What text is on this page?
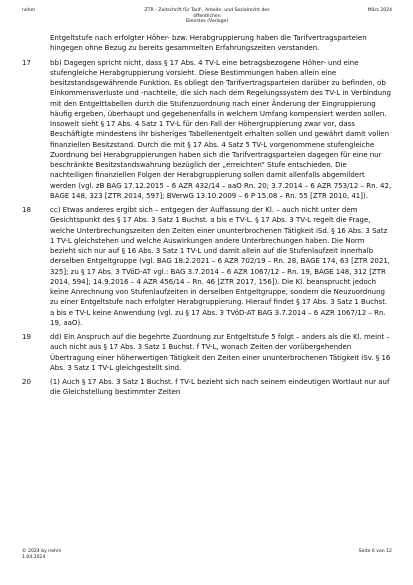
nohm	ZTR - Zeitschrift für Tarif-, Arbeits- und Sozialrecht des öffentlichen
Dienstes (Vorlage)
März 2024
Entgeltstufe nach erfolgter Höher- bzw. Herabgruppierung haben die Tarifvertragsparteien hingegen ohne Bezug zu bereits gesammelten Erfahrungszeiten verstanden.
17	bb) Dagegen spricht nicht, dass § 17 Abs. 4 TV-L eine betragsbezogene Höher- und eine stufengleiche Herabgruppierung vorsieht. Diese Bestimmungen haben allein eine besitzstandsgewährende Funktion. Es obliegt den Tarifvertragsparteien darüber zu befinden, ob Einkommensverluste und -nachteile, die sich nach dem Regelungssystem des TV-L in Verbindung mit den Entgelttabellen durch die Stufenzuordnung nach einer Änderung der Eingruppierung häufig ergeben, überhaupt und gegebenenfalls in welchem Umfang kompensiert werden sollen. Insoweit sieht § 17 Abs. 4 Satz 1 TV-L für den Fall der Höhergruppierung zwar vor, dass Beschäftigte mindestens ihr bisheriges Tabellenentgelt erhalten sollen und gewährt damit vollen finanziellen Besitzstand. Durch die mit § 17 Abs. 4 Satz 5 TV-L vorgenommene stufengleiche Zuordnung bei Herabgruppierungen haben sich die Tarifvertragsparteien dagegen für eine nur beschränkte Besitzstandswahrung bezüglich der „erreichten“ Stufe entschieden. Die nachteiligen finanziellen Folgen der Herabgruppierung sollen damit allenfalls abgemildert werden (vgl. zB BAG 17.12.2015 – 6 AZR 432/14 – aaO Rn. 20; 3.7.2014 – 6 AZR 753/12 – Rn. 42, BAGE 148, 323 [ZTR 2014, 597]; BVerwG 13.10.2009 – 6 P 15.08 – Rn. 55 [ZTR 2010, 41]).
18	cc) Etwas anderes ergibt sich – entgegen der Auffassung der Kl. – auch nicht unter dem Gesichtspunkt des § 17 Abs. 3 Satz 1 Buchst. a bis e TV-L. § 17 Abs. 3 TV-L regelt die Frage, welche Unterbrechungszeiten den Zeiten einer ununterbrochenen Tätigkeit iSd. § 16 Abs. 3 Satz 1 TV-L gleichstehen und welche Auswirkungen andere Unterbrechungen haben. Die Norm bezieht sich nur auf § 16 Abs. 3 Satz 1 TV-L und damit allein auf die Stufenlaufzeit innerhalb derselben Entgeltgruppe (vgl. BAG 18.2.2021 – 6 AZR 702/19 – Rn. 28, BAGE 174, 63 [ZTR 2021, 325]; zu § 17 Abs. 3 TVöD-AT vgl.: BAG 3.7.2014 – 6 AZR 1067/12 – Rn. 19, BAGE 148, 312 [ZTR 2014, 594]; 14.9.2016 – 4 AZR 456/14 – Rn. 46 [ZTR 2017, 156]). Die Kl. beansprucht jedoch keine Anrechnung von Stufenlaufzeiten in derselben Entgeltgruppe, sondern die Neuzuordnung zu einer Entgeltstufe nach erfolgter Herabgruppierung. Hierauf findet § 17 Abs. 3 Satz 1 Buchst. a bis e TV-L keine Anwendung (vgl. zu § 17 Abs. 3 TVöD-AT BAG 3.7.2014 – 6 AZR 1067/12 – Rn. 19, aaO).
19	dd) Ein Anspruch auf die begehrte Zuordnung zur Entgeltstufe 5 folgt – anders als die Kl. meint – auch nicht aus § 17 Abs. 3 Satz 1 Buchst. f TV-L, wonach Zeiten der vorübergehenden Übertragung einer höherwertigen Tätigkeit den Zeiten einer ununterbrochenen Tätigkeit iSv. § 16 Abs. 3 Satz 1 TV-L gleichgestellt sind.
20	(1) Auch § 17 Abs. 3 Satz 1 Buchst. f TV-L bezieht sich nach seinem eindeutigen Wortlaut nur auf die Gleichstellung bestimmter Zeiten
© 2024 by nohm
1.04.2024
Seite 6 von 12
